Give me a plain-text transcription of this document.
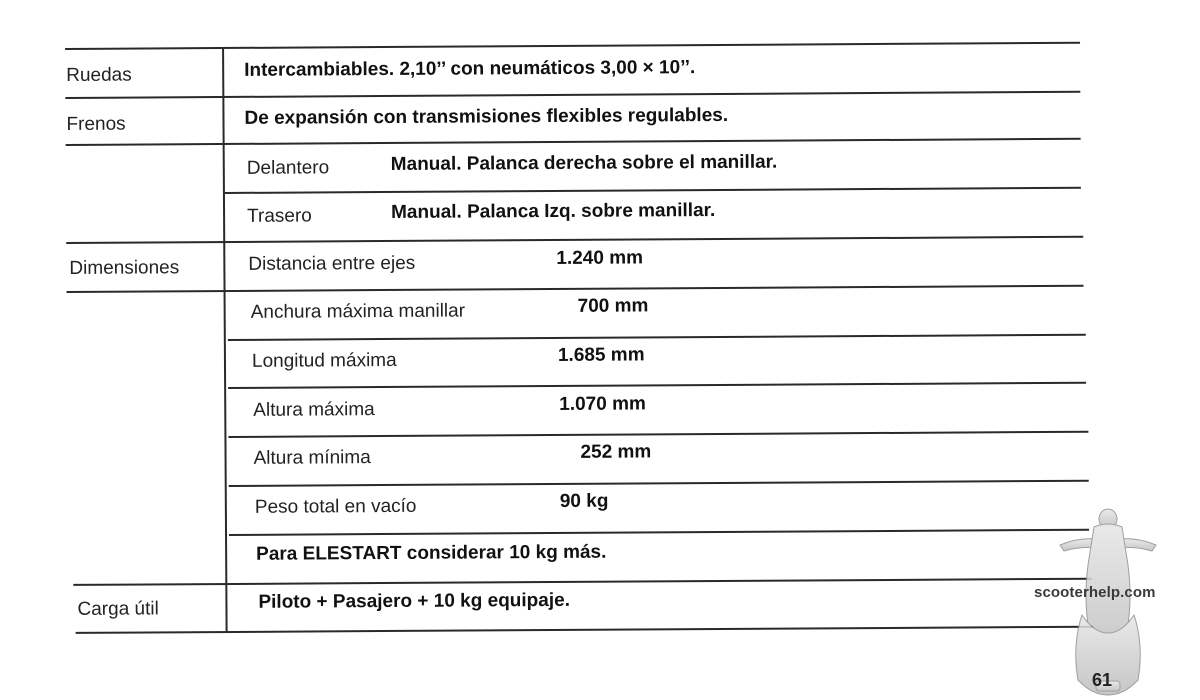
Ruedas	Intercambiables. 2,10’’ con neumáticos 3,00 × 10’’.
Frenos	De expansión con transmisiones flexibles regulables.
Delantero	Manual. Palanca derecha sobre el manillar.
Trasero	Manual. Palanca Izq. sobre manillar.
Dimensiones	Distancia entre ejes	1.240 mm
Anchura máxima manillar	700 mm
Longitud máxima	1.685 mm
Altura máxima	1.070 mm
Altura mínima	252 mm
Peso total en vacío	90 kg
Para ELESTART considerar 10 kg más.
Carga útil	Piloto + Pasajero + 10 kg equipaje.	scooterhelp.com
61
